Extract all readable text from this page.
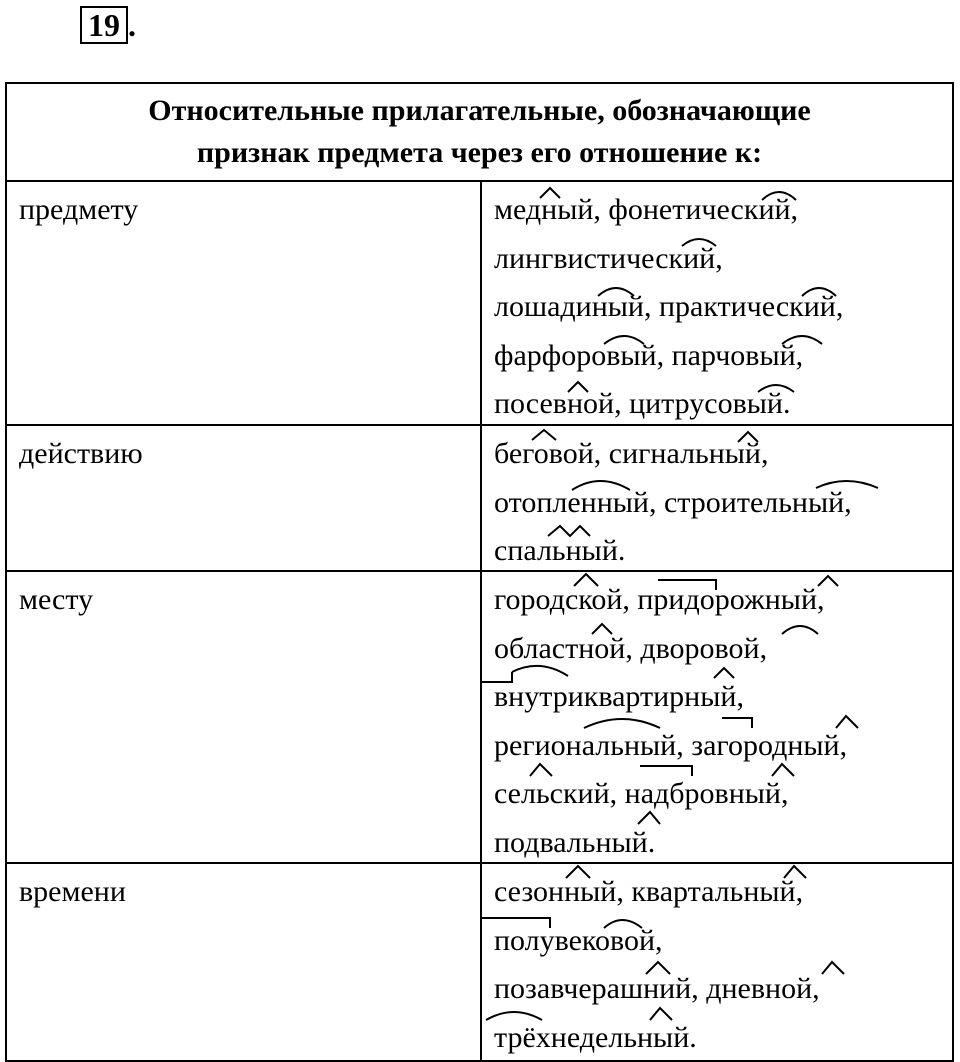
19 .
Относительные прилагательные, обозначающие
признак предмета через его отношение к:
предмету	медный, фонетический,
лингвистический,
лошадиный, практический,
фарфоровый, парчовый,
посевной, цитрусовый.
действию	беговой, сигнальный,
отопленный, строительный,
спальный.
месту	городской, придорожный,
областной, дворовой,
внутриквартирный,
региональный, загородный,
сельский, надбровный,
подвальный.
времени	сезонный, квартальный,
полувековой,
позавчерашний, дневной,
трёхнедельный.
